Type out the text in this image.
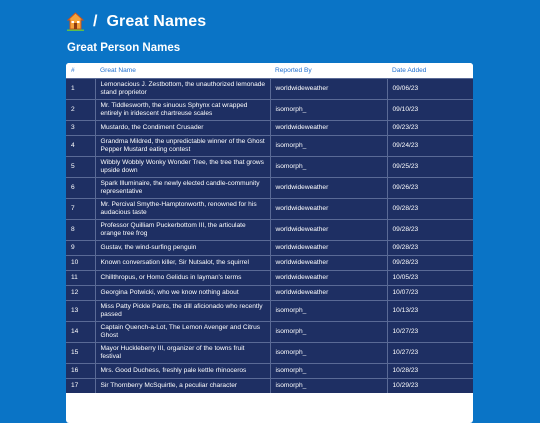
/ Great Names
Great Person Names
#	Great Name	Reported By	Date Added
1	Lemonacious J. Zestbottom, the unauthorized lemonade stand proprietor	worldwideweather	09/06/23
2	Mr. Tiddlesworth, the sinuous Sphynx cat wrapped entirely in iridescent chartreuse scales	isomorph_	09/10/23
3	Mustardo, the Condiment Crusader	worldwideweather	09/23/23
4	Grandma Mildred, the unpredictable winner of the Ghost Pepper Mustard eating contest	isomorph_	09/24/23
5	Wibbly Wobbly Wonky Wonder Tree, the tree that grows upside down	isomorph_	09/25/23
6	Spark Illuminaire, the newly elected candle-community representative	worldwideweather	09/26/23
7	Mr. Percival Smythe-Hamptonworth, renowned for his audacious taste	worldwideweather	09/28/23
8	Professor Quilliam Puckerbottom III, the articulate orange tree frog	worldwideweather	09/28/23
9	Gustav, the wind-surfing penguin	worldwideweather	09/28/23
10	Known conversation killer, Sir Nutsalot, the squirrel	worldwideweather	09/28/23
11	Chillthropus, or Homo Gelidus in layman's terms	worldwideweather	10/05/23
12	Georgina Potwicki, who we know nothing about	worldwideweather	10/07/23
13	Miss Patty Pickle Pants, the dill aficionado who recently passed	isomorph_	10/13/23
14	Captain Quench-a-Lot, The Lemon Avenger and Citrus Ghost	isomorph_	10/27/23
15	Mayor Huckleberry III, organizer of the towns fruit festival	isomorph_	10/27/23
16	Mrs. Good Duchess, freshly pale kettle rhinoceros	isomorph_	10/28/23
17	Sir Thornberry McSquirtle, a peculiar character	isomorph_	10/29/23
